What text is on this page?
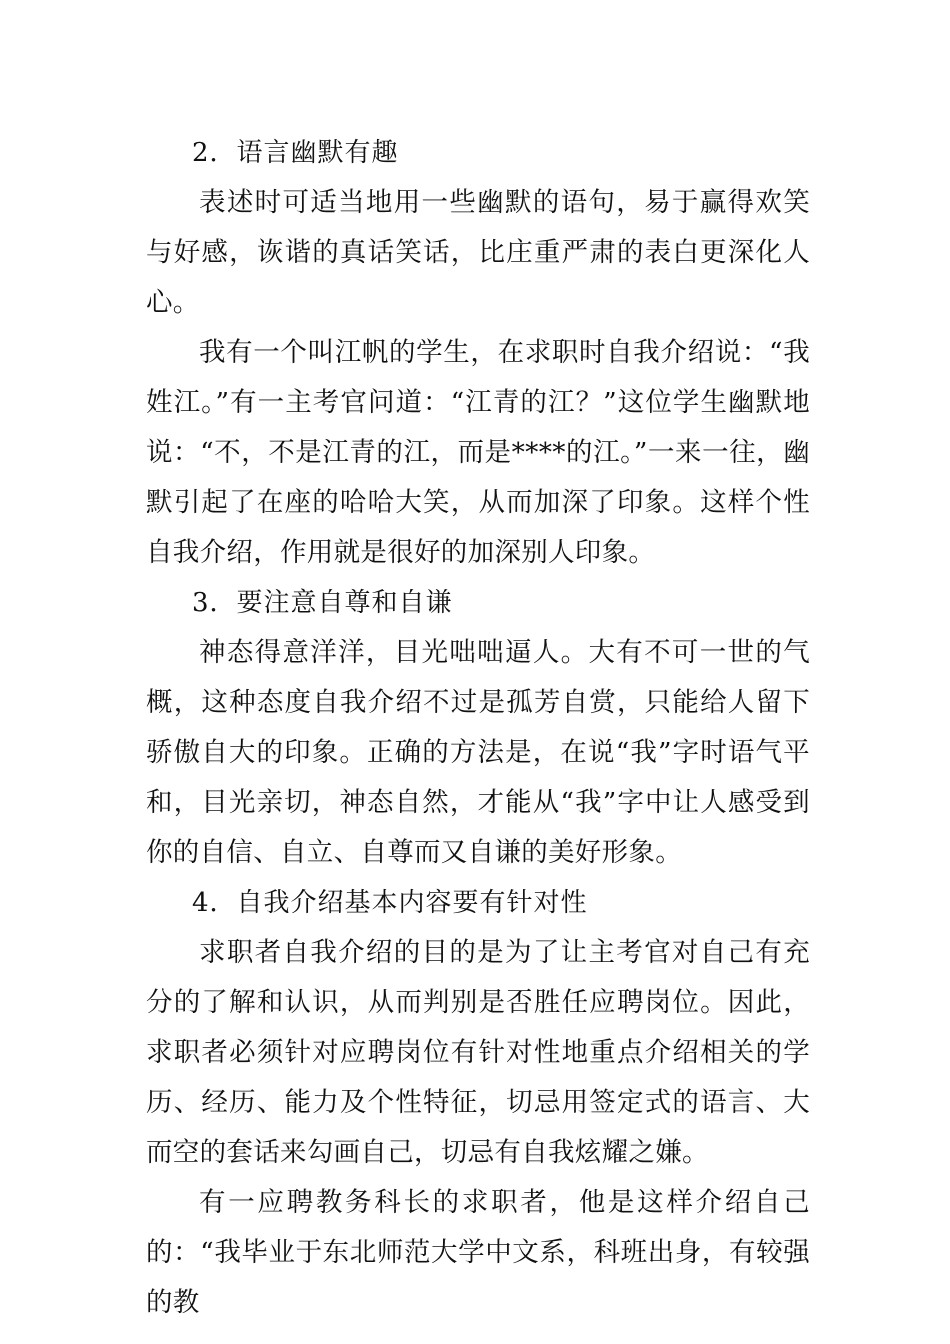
2．语言幽默有趣

表述时可适当地用一些幽默的语句，易于赢得欢笑与好感，诙谐的真话笑话，比庄重严肃的表白更深化人心。

我有一个叫江帆的学生，在求职时自我介绍说：“我姓江。”有一主考官问道：“江青的江？”这位学生幽默地说：“不，不是江青的江，而是****的江。”一来一往，幽默引起了在座的哈哈大笑，从而加深了印象。这样个性自我介绍，作用就是很好的加深别人印象。

3．要注意自尊和自谦

神态得意洋洋，目光咄咄逼人。大有不可一世的气概，这种态度自我介绍不过是孤芳自赏，只能给人留下骄傲自大的印象。正确的方法是，在说“我”字时语气平和，目光亲切，神态自然，才能从“我”字中让人感受到你的自信、自立、自尊而又自谦的美好形象。

4．自我介绍基本内容要有针对性

求职者自我介绍的目的是为了让主考官对自己有充分的了解和认识，从而判别是否胜任应聘岗位。因此，求职者必须针对应聘岗位有针对性地重点介绍相关的学历、经历、能力及个性特征，切忌用签定式的语言、大而空的套话来勾画自己，切忌有自我炫耀之嫌。

有一应聘教务科长的求职者，他是这样介绍自己的：“我毕业于东北师范大学中文系，科班出身，有较强的教
